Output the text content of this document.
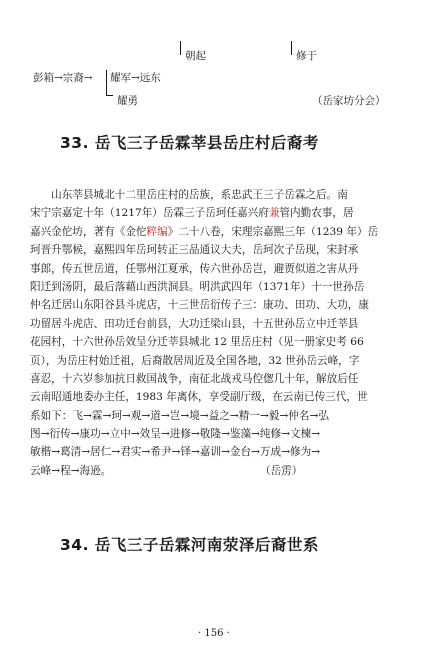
朝起	修于
彭箱→宗裔→ 耀军→远东
耀勇	（岳家坊分会）
33. 岳飞三子岳霖莘县岳庄村后裔考
　　山东莘县城北十二里岳庄村的岳族，系忠武王三子岳霖之后。南
宋宁宗嘉定十年（1217年）岳霖三子岳珂任嘉兴府兼管内勤农事，居
嘉兴金佗坊，著有《金佗粹编》二十八卷，宋理宗嘉熙三年（1239 年）岳
珂晋升鄂候，嘉熙四年岳珂转正三品通议大夫，岳珂次子岳现，宋封承
事郎，传五世岳道，任鄂州江夏承，传六世孙岳岂，避贾似道之害从丹
阳迁到汤阴，最后落藉山西洪洞县。明洪武四年（1371年）十一世孙岳
仲名迁居山东阳谷县斗虎店，十三世岳衍传子三：康功、田功、大功，康
功留居斗虎店、田功迁台前县，大功迁梁山县，十五世孙岳立中迁莘县
花园村，十六世孙岳效呈分迁莘县城北 12 里岳庄村（见一册家史考 66
页），为岳庄村始迁祖，后裔散居周近及全国各地，32 世孙岳云峰，字
喜忍，十六岁参加抗日救国战争，南征北战戎马倥偬几十年，解放后任
云南昭通地委办主任，1983 年离休，享受副厅级，在云南已传三代，世
系如下：飞→霖→珂→观→道→岂→境→益之→精一→毅→仲名→弘
图→衍传→康功→立中→效呈→进修→敬隆→鉴藻→纯修→文楝→
敏楷→葛清→居仁→君实→希尹→铎→嘉训→金台→万成→修为→
云峰→程→海逊。	（岳雳）
34. 岳飞三子岳霖河南荥泽后裔世系
· 156 ·
